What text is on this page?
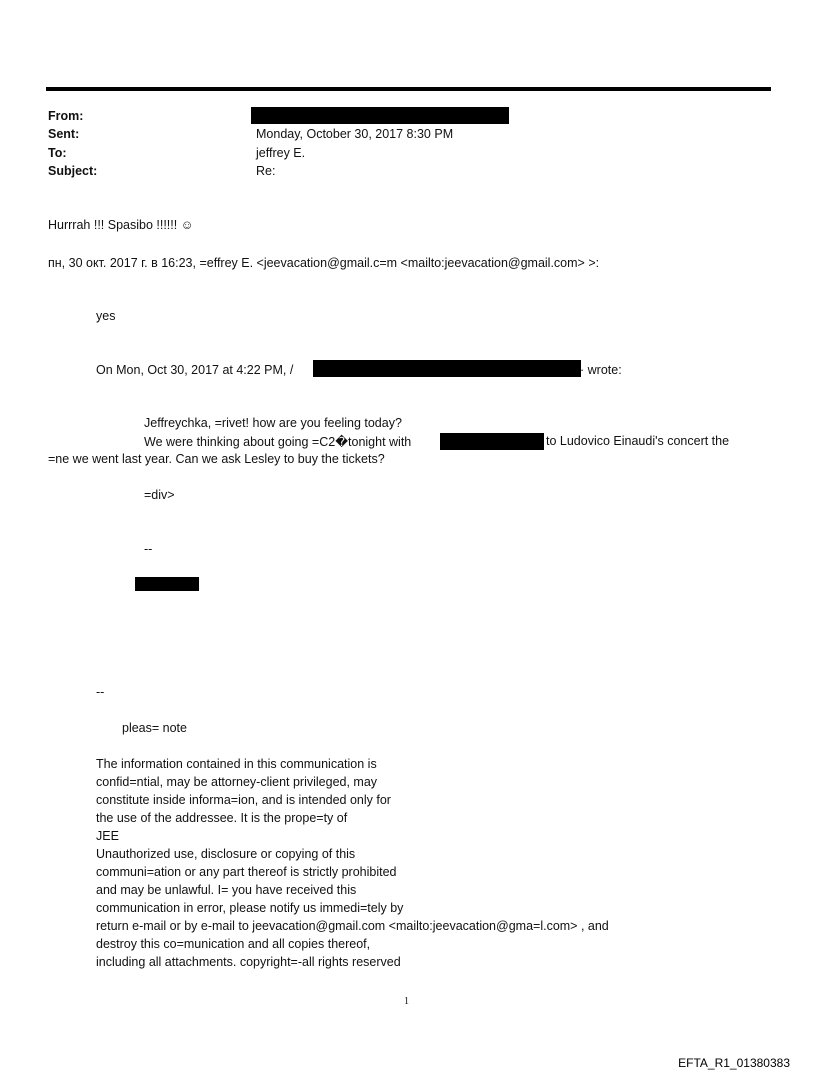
From:
Sent:	Monday, October 30, 2017 8:30 PM
To:	jeffrey E.
Subject:	Re:
Hurrrah !!! Spasibo !!!!!! ☺
пн, 30 окт. 2017 г. в 16:23, =effrey E. <jeevacation@gmail.c=m <mailto:jeevacation@gmail.com> >:
yes
On Mon, Oct 30, 2017 at 4:22 PM, /	· wrote:
Jeffreychka, =rivet! how are you feeling today?
We were thinking about going =C2�tonight with	to Ludovico Einaudi's concert the
=ne we went last year. Can we ask Lesley to buy the tickets?
=div>
--
--
pleas= note
The information contained in this communication is
confid=ntial, may be attorney-client privileged, may
constitute inside informa=ion, and is intended only for
the use of the addressee. It is the prope=ty of
JEE
Unauthorized use, disclosure or copying of this
communi=ation or any part thereof is strictly prohibited
and may be unlawful. I= you have received this
communication in error, please notify us immedi=tely by
return e-mail or by e-mail to jeevacation@gmail.com <mailto:jeevacation@gma=l.com> , and
destroy this co=munication and all copies thereof,
including all attachments. copyright=-all rights reserved
1
EFTA_R1_01380383
